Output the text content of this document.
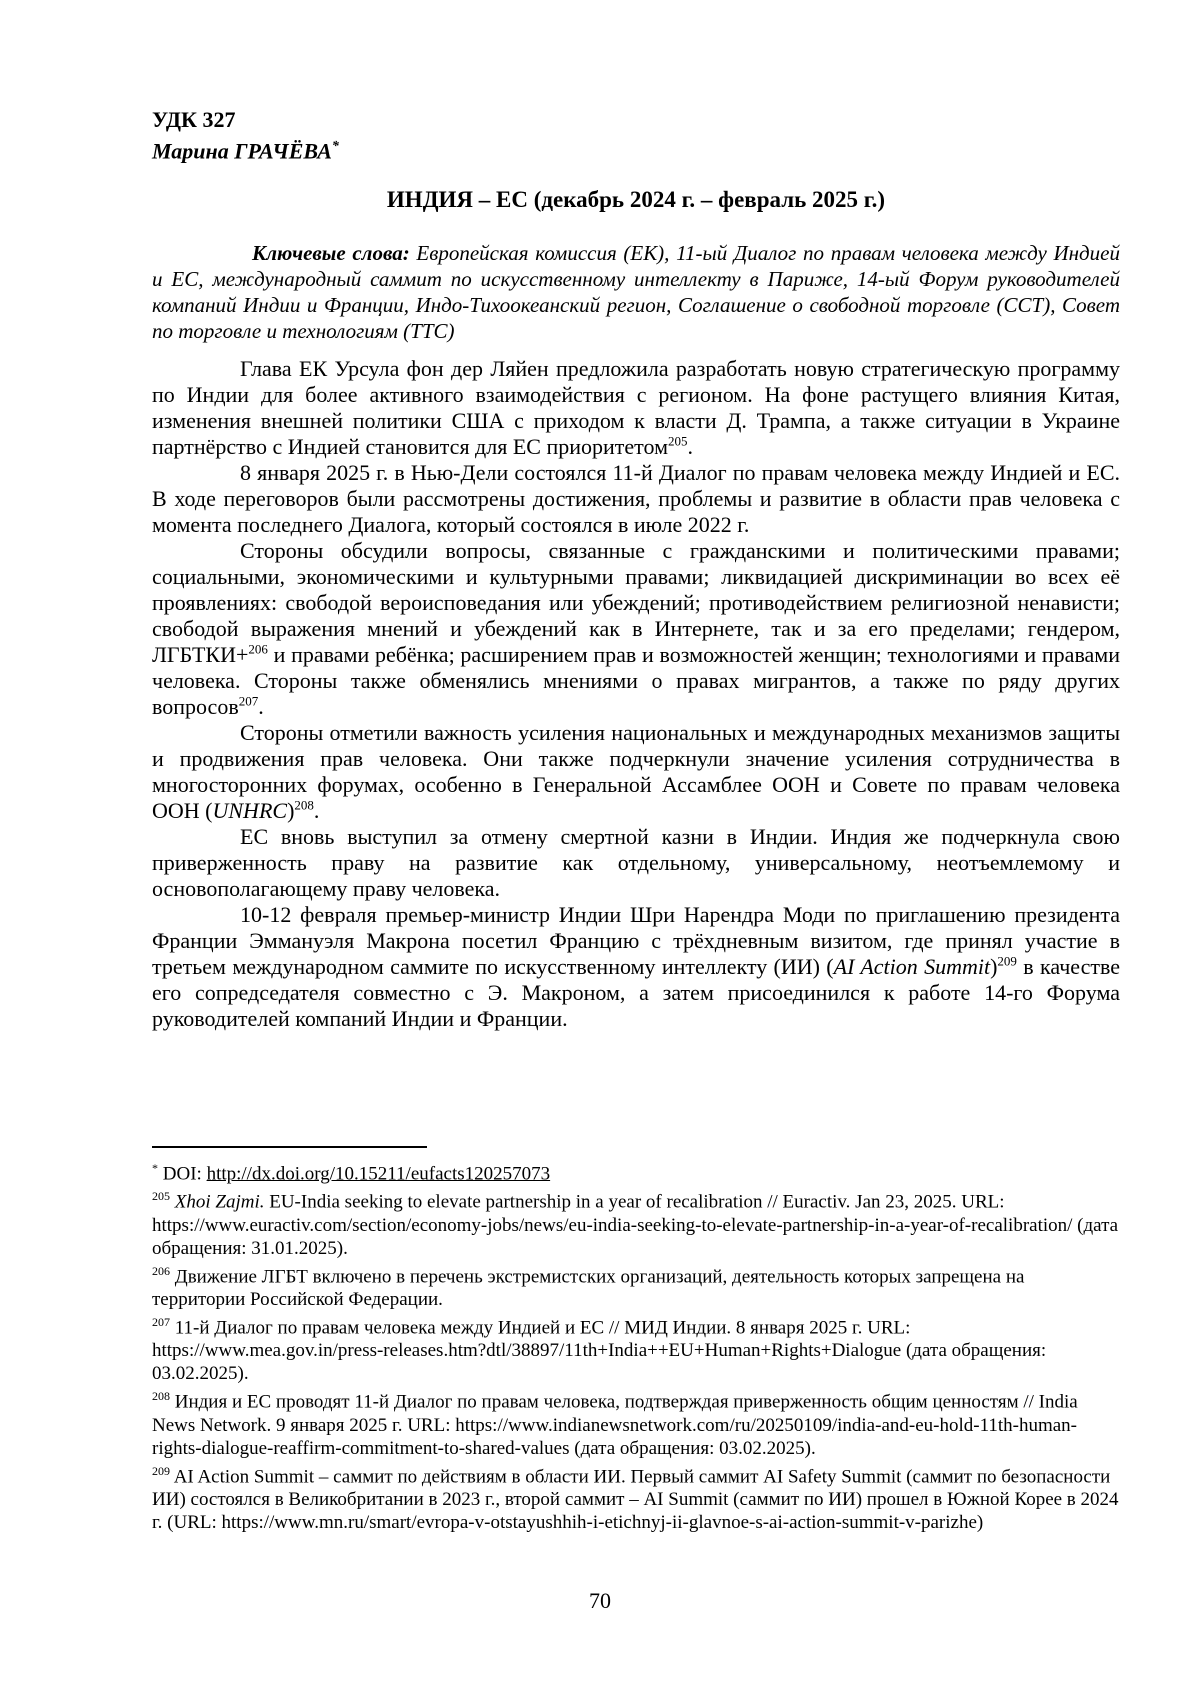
УДК 327
Марина ГРАЧЁВА*
ИНДИЯ – ЕС (декабрь 2024 г. – февраль 2025 г.)

Ключевые слова: Европейская комиссия (ЕК), 11-ый Диалог по правам человека между Индией и ЕС, международный саммит по искусственному интеллекту в Париже, 14-ый Форум руководителей компаний Индии и Франции, Индо-Тихоокеанский регион, Соглашение о свободной торговле (ССТ), Совет по торговле и технологиям (ТТС)

Глава ЕК Урсула фон дер Ляйен предложила разработать новую стратегическую программу по Индии для более активного взаимодействия с регионом. На фоне растущего влияния Китая, изменения внешней политики США с приходом к власти Д. Трампа, а также ситуации в Украине партнёрство с Индией становится для ЕС приоритетом$^{205}$.

8 января 2025 г. в Нью-Дели состоялся 11-й Диалог по правам человека между Индией и ЕС. В ходе переговоров были рассмотрены достижения, проблемы и развитие в области прав человека с момента последнего Диалога, который состоялся в июле 2022 г.

Стороны обсудили вопросы, связанные с гражданскими и политическими правами; социальными, экономическими и культурными правами; ликвидацией дискриминации во всех её проявлениях: свободой вероисповедания или убеждений; противодействием религиозной ненависти; свободой выражения мнений и убеждений как в Интернете, так и за его пределами; гендером, ЛГБТКИ+$^{206}$ и правами ребёнка; расширением прав и возможностей женщин; технологиями и правами человека. Стороны также обменялись мнениями о правах мигрантов, а также по ряду других вопросов$^{207}$.

Стороны отметили важность усиления национальных и международных механизмов защиты и продвижения прав человека. Они также подчеркнули значение усиления сотрудничества в многосторонних форумах, особенно в Генеральной Ассамблее ООН и Совете по правам человека ООН (UNHRC)$^{208}$.

ЕС вновь выступил за отмену смертной казни в Индии. Индия же подчеркнула свою приверженность праву на развитие как отдельному, универсальному, неотъемлемому и основополагающему праву человека.

10-12 февраля премьер-министр Индии Шри Нарендра Моди по приглашению президента Франции Эммануэля Макрона посетил Францию с трёхдневным визитом, где принял участие в третьем международном саммите по искусственному интеллекту (ИИ) (AI Action Summit)$^{209}$ в качестве его сопредседателя совместно с Э. Макроном, а затем присоединился к работе 14-го Форума руководителей компаний Индии и Франции.

* DOI: http://dx.doi.org/10.15211/eufacts120257073
$^{205}$ Xhoi Zajmi. EU-India seeking to elevate partnership in a year of recalibration // Euractiv. Jan 23, 2025. URL: https://www.euractiv.com/section/economy-jobs/news/eu-india-seeking-to-elevate-partnership-in-a-year-of-recalibration/ (дата обращения: 31.01.2025).
$^{206}$ Движение ЛГБТ включено в перечень экстремистских организаций, деятельность которых запрещена на территории Российской Федерации.
$^{207}$ 11-й Диалог по правам человека между Индией и ЕС // МИД Индии. 8 января 2025 г. URL: https://www.mea.gov.in/press-releases.htm?dtl/38897/11th+India++EU+Human+Rights+Dialogue (дата обращения: 03.02.2025).
$^{208}$ Индия и ЕС проводят 11-й Диалог по правам человека, подтверждая приверженность общим ценностям // India News Network. 9 января 2025 г. URL: https://www.indianewsnetwork.com/ru/20250109/india-and-eu-hold-11th-human-rights-dialogue-reaffirm-commitment-to-shared-values (дата обращения: 03.02.2025).
$^{209}$ AI Action Summit – саммит по действиям в области ИИ. Первый саммит AI Safety Summit (саммит по безопасности ИИ) состоялся в Великобритании в 2023 г., второй саммит – AI Summit (саммит по ИИ) прошел в Южной Корее в 2024 г. (URL: https://www.mn.ru/smart/evropa-v-otstayushhih-i-etichnyj-ii-glavnoe-s-ai-action-summit-v-parizhe)
70
